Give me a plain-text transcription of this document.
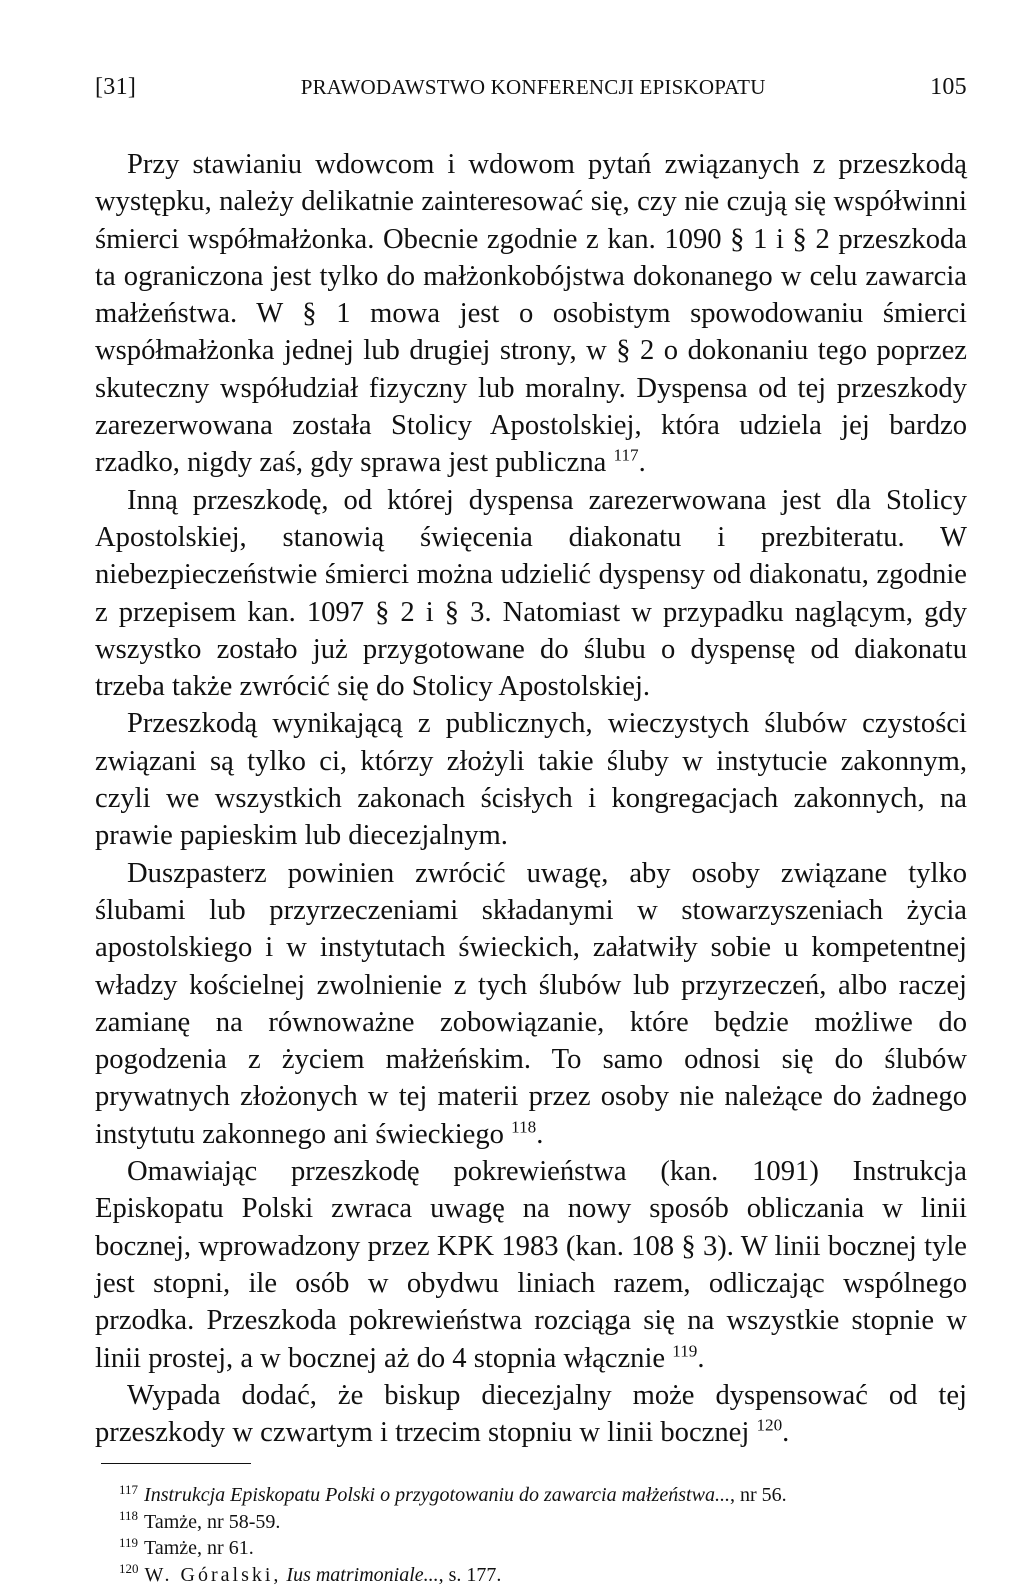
[31]	PRAWODAWSTWO KONFERENCJI EPISKOPATU	105

Przy stawianiu wdowcom i wdowom pytań związanych z przeszkodą występku, należy delikatnie zainteresować się, czy nie czują się współwinni śmierci współmałżonka. Obecnie zgodnie z kan. 1090 § 1 i § 2 przeszkoda ta ograniczona jest tylko do małżonkobójstwa dokonanego w celu zawarcia małżeństwa. W § 1 mowa jest o osobistym spowodowaniu śmierci współmałżonka jednej lub drugiej strony, w § 2 o dokonaniu tego poprzez skuteczny współudział fizyczny lub moralny. Dyspensa od tej przeszkody zarezerwowana została Stolicy Apostolskiej, która udziela jej bardzo rzadko, nigdy zaś, gdy sprawa jest publiczna $^{117}$.

Inną przeszkodę, od której dyspensa zarezerwowana jest dla Stolicy Apostolskiej, stanowią święcenia diakonatu i prezbiteratu. W niebezpieczeństwie śmierci można udzielić dyspensy od diakonatu, zgodnie z przepisem kan. 1097 § 2 i § 3. Natomiast w przypadku naglącym, gdy wszystko zostało już przygotowane do ślubu o dyspensę od diakonatu trzeba także zwrócić się do Stolicy Apostolskiej.

Przeszkodą wynikającą z publicznych, wieczystych ślubów czystości związani są tylko ci, którzy złożyli takie śluby w instytucie zakonnym, czyli we wszystkich zakonach ścisłych i kongregacjach zakonnych, na prawie papieskim lub diecezjalnym.

Duszpasterz powinien zwrócić uwagę, aby osoby związane tylko ślubami lub przyrzeczeniami składanymi w stowarzyszeniach życia apostolskiego i w instytutach świeckich, załatwiły sobie u kompetentnej władzy kościelnej zwolnienie z tych ślubów lub przyrzeczeń, albo raczej zamianę na równoważne zobowiązanie, które będzie możliwe do pogodzenia z życiem małżeńskim. To samo odnosi się do ślubów prywatnych złożonych w tej materii przez osoby nie należące do żadnego instytutu zakonnego ani świeckiego $^{118}$.

Omawiając przeszkodę pokrewieństwa (kan. 1091) Instrukcja Episkopatu Polski zwraca uwagę na nowy sposób obliczania w linii bocznej, wprowadzony przez KPK 1983 (kan. 108 § 3). W linii bocznej tyle jest stopni, ile osób w obydwu liniach razem, odliczając wspólnego przodka. Przeszkoda pokrewieństwa rozciąga się na wszystkie stopnie w linii prostej, a w bocznej aż do 4 stopnia włącznie $^{119}$.

Wypada dodać, że biskup diecezjalny może dyspensować od tej przeszkody w czwartym i trzecim stopniu w linii bocznej $^{120}$.

$^{117}$ Instrukcja Episkopatu Polski o przygotowaniu do zawarcia małżeństwa..., nr 56.

$^{118}$ Tamże, nr 58-59.

$^{119}$ Tamże, nr 61.

$^{120}$ W. Góralski, Ius matrimoniale..., s. 177.
